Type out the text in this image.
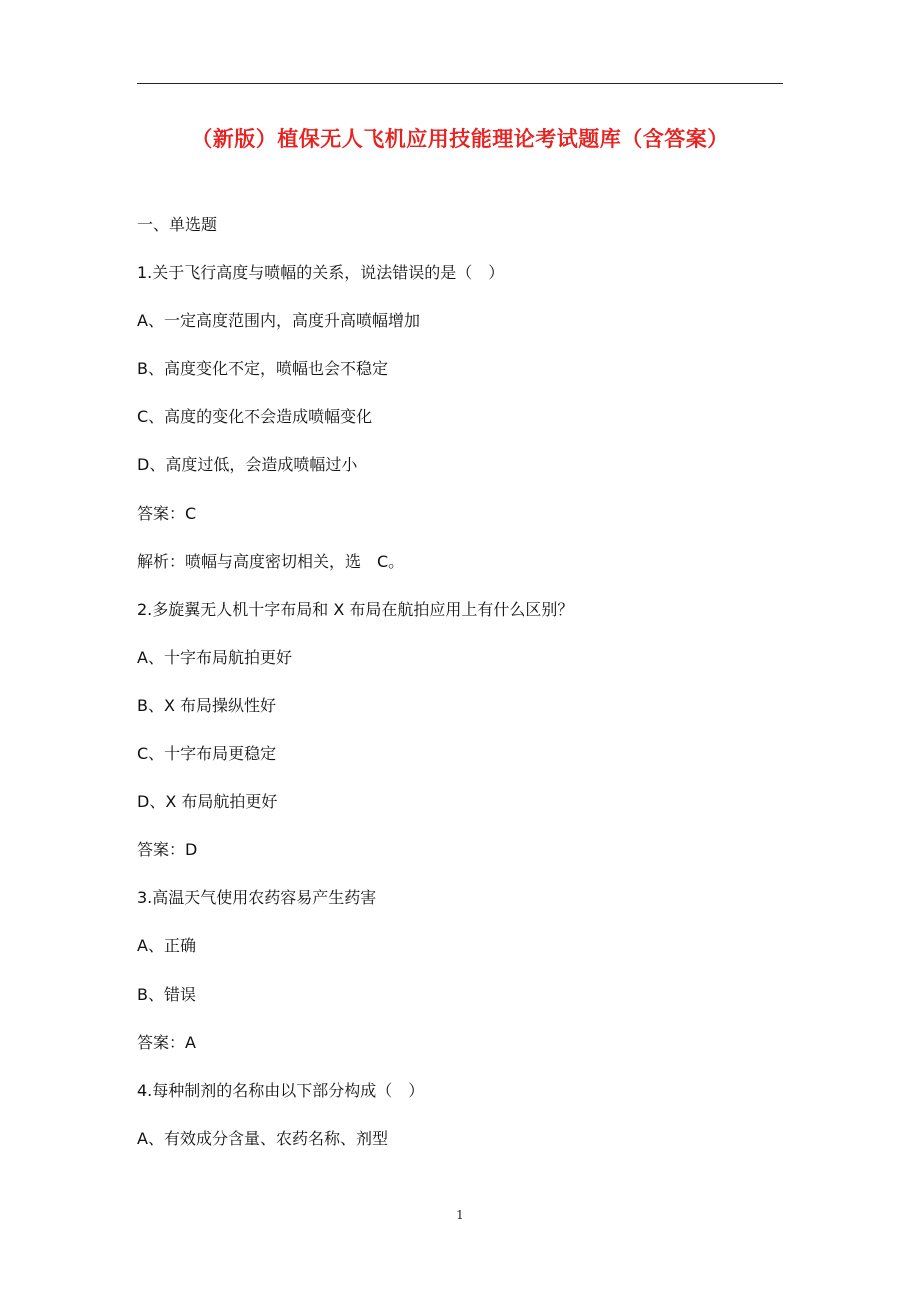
（新版）植保无人飞机应用技能理论考试题库（含答案）
一、单选题
1.关于飞行高度与喷幅的关系，说法错误的是（　）
A、一定高度范围内，高度升高喷幅增加
B、高度变化不定，喷幅也会不稳定
C、高度的变化不会造成喷幅变化
D、高度过低，会造成喷幅过小
答案：C
解析：喷幅与高度密切相关，选　C。
2.多旋翼无人机十字布局和 X 布局在航拍应用上有什么区别？
A、十字布局航拍更好
B、X 布局操纵性好
C、十字布局更稳定
D、X 布局航拍更好
答案：D
3.高温天气使用农药容易产生药害
A、正确
B、错误
答案：A
4.每种制剂的名称由以下部分构成（　）
A、有效成分含量、农药名称、剂型
1
